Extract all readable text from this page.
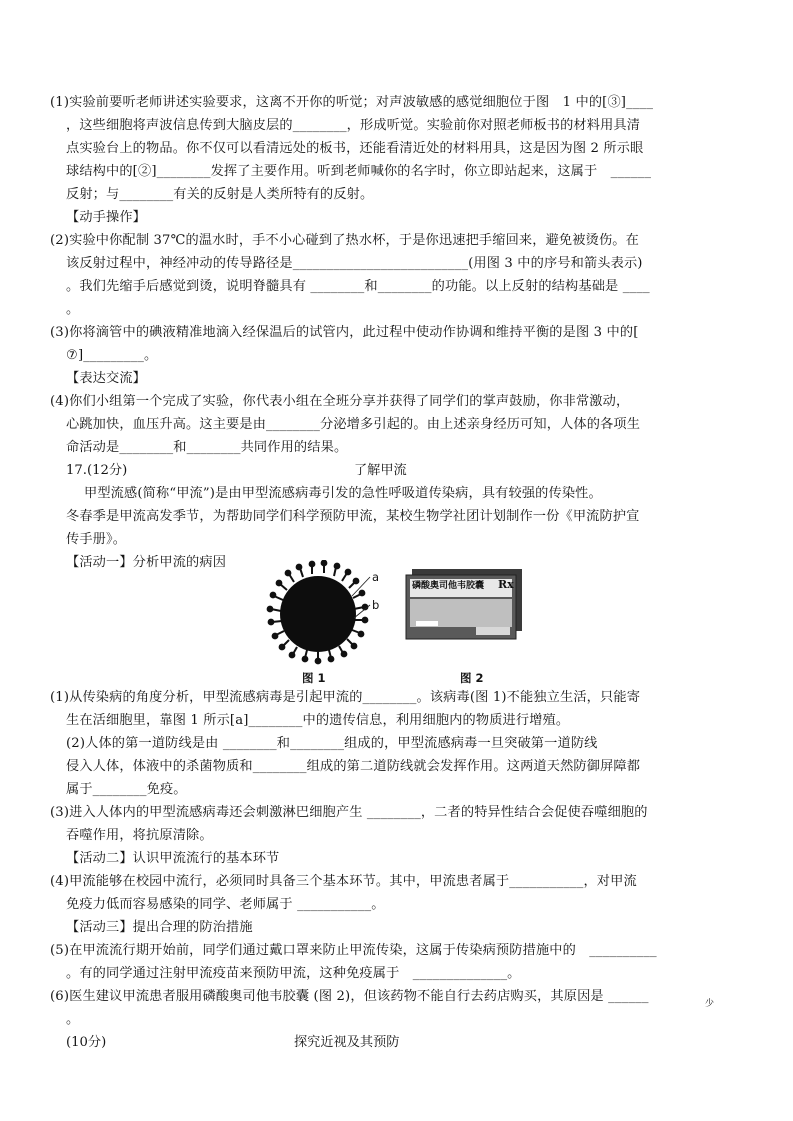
(1)实验前要听老师讲述实验要求，这离不开你的听觉；对声波敏感的感觉细胞位于图　1 中的[③]____
，这些细胞将声波信息传到大脑皮层的________，形成听觉。实验前你对照老师板书的材料用具清
点实验台上的物品。你不仅可以看清远处的板书，还能看清近处的材料用具，这是因为图 2 所示眼
球结构中的[②]________发挥了主要作用。听到老师喊你的名字时，你立即站起来，这属于　______
反射；与________有关的反射是人类所特有的反射。
【动手操作】
(2)实验中你配制 37℃的温水时，手不小心碰到了热水杯，于是你迅速把手缩回来，避免被烫伤。在
该反射过程中，神经冲动的传导路径是__________________________(用图 3 中的序号和箭头表示)
。我们先缩手后感觉到烫，说明脊髓具有 ________和________的功能。以上反射的结构基础是 ____
。
(3)你将滴管中的碘液精准地滴入经保温后的试管内，此过程中使动作协调和维持平衡的是图 3 中的[
⑦]_________。
【表达交流】
(4)你们小组第一个完成了实验，你代表小组在全班分享并获得了同学们的掌声鼓励，你非常激动，
心跳加快，血压升高。这主要是由________分泌增多引起的。由上述亲身经历可知，人体的各项生
命活动是________和________共同作用的结果。
17.(12分)	了解甲流
甲型流感(简称“甲流”)是由甲型流感病毒引发的急性呼吸道传染病，具有较强的传染性。
冬春季是甲流高发季节，为帮助同学们科学预防甲流，某校生物学社团计划制作一份《甲流防护宣
传手册》。
【活动一】分析甲流的病因
a
b
图 1
磷酸奥司他韦胶囊 Rx
图 2
(1)从传染病的角度分析，甲型流感病毒是引起甲流的________。该病毒(图 1)不能独立生活，只能寄
生在活细胞里，靠图 1 所示[a]________中的遗传信息，利用细胞内的物质进行增殖。
(2)人体的第一道防线是由 ________和________组成的，甲型流感病毒一旦突破第一道防线
侵入人体，体液中的杀菌物质和________组成的第二道防线就会发挥作用。这两道天然防御屏障都
属于________免疫。
(3)进入人体内的甲型流感病毒还会刺激淋巴细胞产生 ________，二者的特异性结合会促使吞噬细胞的
吞噬作用，将抗原清除。
【活动二】认识甲流流行的基本环节
(4)甲流能够在校园中流行，必须同时具备三个基本环节。其中，甲流患者属于___________，对甲流
免疫力低而容易感染的同学、老师属于 ___________。
【活动三】提出合理的防治措施
(5)在甲流流行期开始前，同学们通过戴口罩来防止甲流传染，这属于传染病预防措施中的　__________
。有的同学通过注射甲流疫苗来预防甲流，这种免疫属于　______________。
(6)医生建议甲流患者服用磷酸奥司他韦胶囊 (图 2)，但该药物不能自行去药店购买，其原因是 ______
。
少
(10分)	探究近视及其预防
